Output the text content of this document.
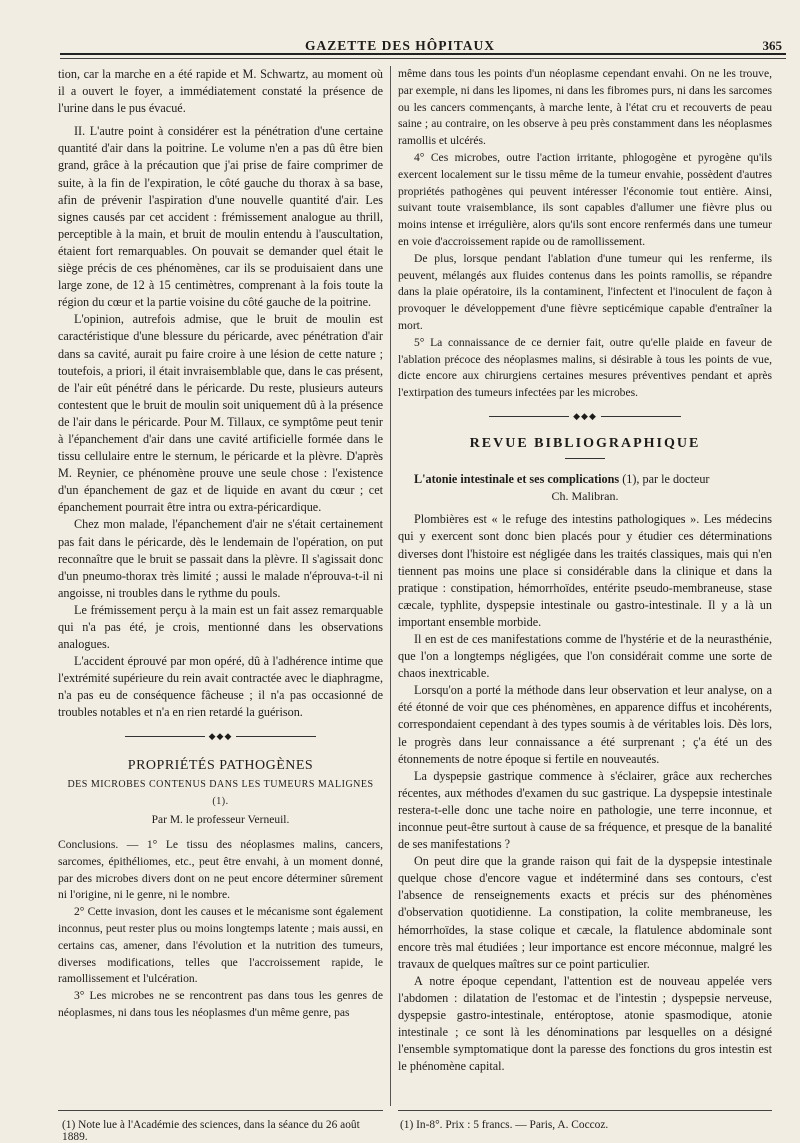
GAZETTE DES HÔPITAUX	365

tion, car la marche en a été rapide et M. Schwartz, au moment où il a ouvert le foyer, a immédiatement constaté la présence de l'urine dans le pus évacué.

II. L'autre point à considérer est la pénétration d'une certaine quantité d'air dans la poitrine. Le volume n'en a pas dû être bien grand, grâce à la précaution que j'ai prise de faire comprimer de suite, à la fin de l'expiration, le côté gauche du thorax à sa base, afin de prévenir l'aspiration d'une nouvelle quantité d'air. Les signes causés par cet accident : frémissement analogue au thrill, perceptible à la main, et bruit de moulin entendu à l'auscultation, étaient fort remarquables. On pouvait se demander quel était le siège précis de ces phénomènes, car ils se produisaient dans une large zone, de 12 à 15 centimètres, comprenant à la fois toute la région du cœur et la partie voisine du côté gauche de la poitrine.

L'opinion, autrefois admise, que le bruit de moulin est caractéristique d'une blessure du péricarde, avec pénétration d'air dans sa cavité, aurait pu faire croire à une lésion de cette nature ; toutefois, a priori, il était invraisemblable que, dans le cas présent, de l'air eût pénétré dans le péricarde. Du reste, plusieurs auteurs contestent que le bruit de moulin soit uniquement dû à la présence de l'air dans le péricarde. Pour M. Tillaux, ce symptôme peut tenir à l'épanchement d'air dans une cavité artificielle formée dans le tissu cellulaire entre le sternum, le péricarde et la plèvre. D'après M. Reynier, ce phénomène prouve une seule chose : l'existence d'un épanchement de gaz et de liquide en avant du cœur ; cet épanchement pourrait être intra ou extra-péricardique.

Chez mon malade, l'épanchement d'air ne s'était certainement pas fait dans le péricarde, dès le lendemain de l'opération, on put reconnaître que le bruit se passait dans la plèvre. Il s'agissait donc d'un pneumo-thorax très limité ; aussi le malade n'éprouva-t-il ni angoisse, ni troubles dans le rythme du pouls.

Le frémissement perçu à la main est un fait assez remarquable qui n'a pas été, je crois, mentionné dans les observations analogues.

L'accident éprouvé par mon opéré, dû à l'adhérence intime que l'extrémité supérieure du rein avait contractée avec le diaphragme, n'a pas eu de conséquence fâcheuse ; il n'a pas occasionné de troubles notables et n'a en rien retardé la guérison.

◆◆◆
PROPRIÉTÉS PATHOGÈNES
DES MICROBES CONTENUS DANS LES TUMEURS MALIGNES (1).
Par M. le professeur Verneuil.

Conclusions. — 1° Le tissu des néoplasmes malins, cancers, sarcomes, épithéliomes, etc., peut être envahi, à un moment donné, par des microbes divers dont on ne peut encore déterminer sûrement ni l'origine, ni le genre, ni le nombre.

2° Cette invasion, dont les causes et le mécanisme sont également inconnus, peut rester plus ou moins longtemps latente ; mais aussi, en certains cas, amener, dans l'évolution et la nutrition des tumeurs, diverses modifications, telles que l'accroissement rapide, le ramollissement et l'ulcération.

3° Les microbes ne se rencontrent pas dans tous les genres de néoplasmes, ni dans tous les néoplasmes d'un même genre, pas

même dans tous les points d'un néoplasme cependant envahi. On ne les trouve, par exemple, ni dans les lipomes, ni dans les fibromes purs, ni dans les sarcomes ou les cancers commençants, à marche lente, à l'état cru et recouverts de peau saine ; au contraire, on les observe à peu près constamment dans les néoplasmes ramollis et ulcérés.

4° Ces microbes, outre l'action irritante, phlogogène et pyrogène qu'ils exercent localement sur le tissu même de la tumeur envahie, possèdent d'autres propriétés pathogènes qui peuvent intéresser l'économie tout entière. Ainsi, suivant toute vraisemblance, ils sont capables d'allumer une fièvre plus ou moins intense et irrégulière, alors qu'ils sont encore renfermés dans une tumeur en voie d'accroissement rapide ou de ramollissement.

De plus, lorsque pendant l'ablation d'une tumeur qui les renferme, ils peuvent, mélangés aux fluides contenus dans les points ramollis, se répandre dans la plaie opératoire, ils la contaminent, l'infectent et l'inoculent de façon à provoquer le développement d'une fièvre septicémique capable d'entraîner la mort.

5° La connaissance de ce dernier fait, outre qu'elle plaide en faveur de l'ablation précoce des néoplasmes malins, si désirable à tous les points de vue, dicte encore aux chirurgiens certaines mesures préventives pendant et après l'extirpation des tumeurs infectées par les microbes.

◆◆◆
REVUE BIBLIOGRAPHIQUE

L'atonie intestinale et ses complications (1), par le docteur

Ch. Malibran.

Plombières est « le refuge des intestins pathologiques ». Les médecins qui y exercent sont donc bien placés pour y étudier ces déterminations diverses dont l'histoire est négligée dans les traités classiques, mais qui n'en tiennent pas moins une place si considérable dans la clinique et dans la pratique : constipation, hémorrhoïdes, entérite pseudo-membraneuse, stase cæcale, typhlite, dyspepsie intestinale ou gastro-intestinale. Il y a là un important ensemble morbide.

Il en est de ces manifestations comme de l'hystérie et de la neurasthénie, que l'on a longtemps négligées, que l'on considérait comme une sorte de chaos inextricable.

Lorsqu'on a porté la méthode dans leur observation et leur analyse, on a été étonné de voir que ces phénomènes, en apparence diffus et incohérents, correspondaient cependant à des types soumis à de véritables lois. Dès lors, le progrès dans leur connaissance a été surprenant ; ç'a été un des étonnements de notre époque si fertile en nouveautés.

La dyspepsie gastrique commence à s'éclairer, grâce aux recherches récentes, aux méthodes d'examen du suc gastrique. La dyspepsie intestinale restera-t-elle donc une tache noire en pathologie, une terre inconnue, et inconnue peut-être surtout à cause de sa fréquence, et presque de la banalité de ses manifestations ?

On peut dire que la grande raison qui fait de la dyspepsie intestinale quelque chose d'encore vague et indéterminé dans ses contours, c'est l'absence de renseignements exacts et précis sur des phénomènes d'observation quotidienne. La constipation, la colite membraneuse, les hémorrhoïdes, la stase colique et cæcale, la flatulence abdominale sont encore très mal étudiées ; leur importance est encore méconnue, malgré les travaux de quelques maîtres sur ce point particulier.

A notre époque cependant, l'attention est de nouveau appelée vers l'abdomen : dilatation de l'estomac et de l'intestin ; dyspepsie nerveuse, dyspepsie gastro-intestinale, entéroptose, atonie spasmodique, atonie intestinale ; ce sont là les dénominations par lesquelles on a désigné l'ensemble symptomatique dont la paresse des fonctions du gros intestin est le phénomène capital.

(1) Note lue à l'Académie des sciences, dans la séance du 26 août 1889.
(1) In-8°. Prix : 5 francs. — Paris, A. Coccoz.
